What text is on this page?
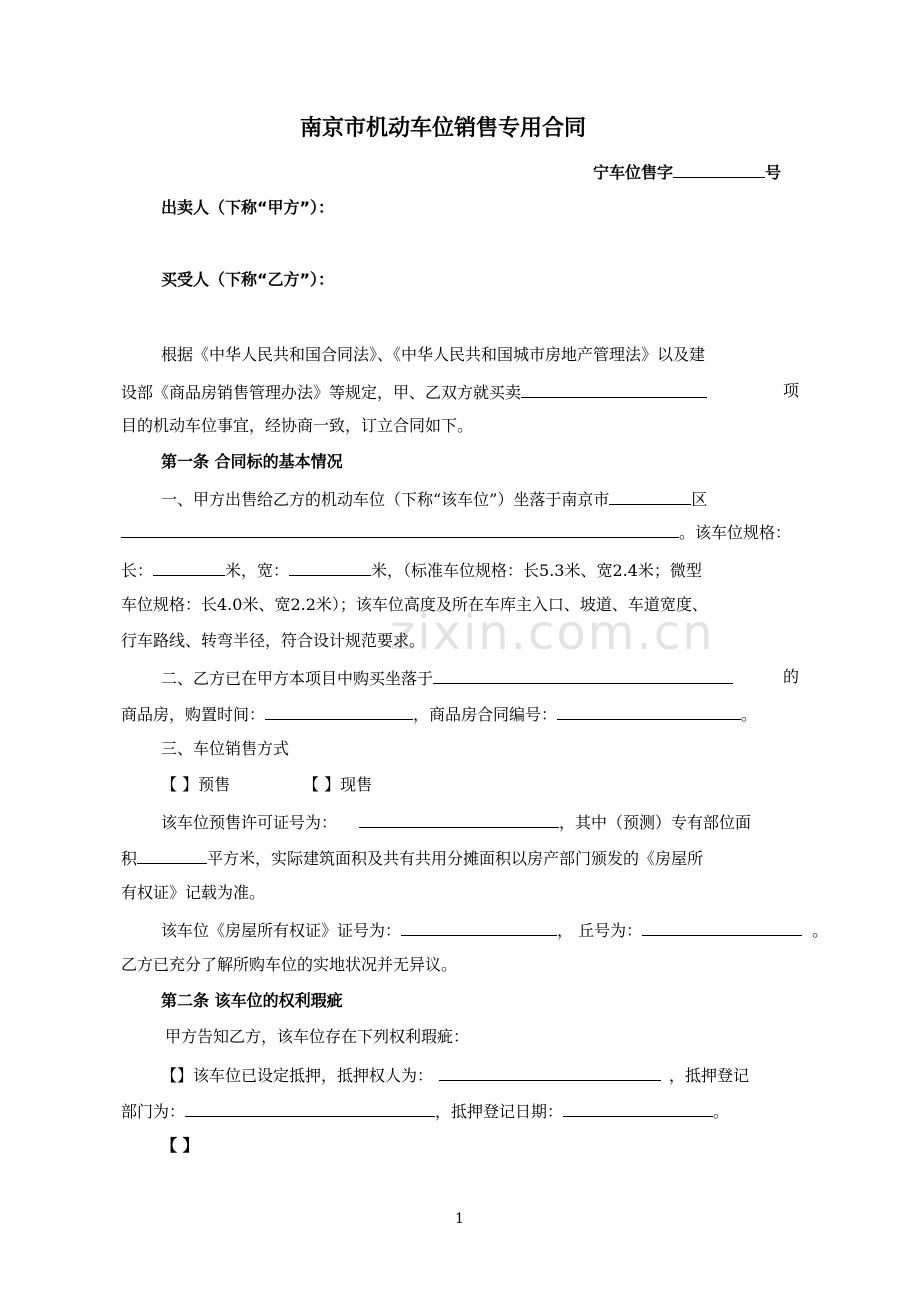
zixin.com.cn
南京市机动车位销售专用合同
宁车位售字	号
出卖人（下称“甲方”）：
买受人（下称“乙方”）：
根据《中华人民共和国合同法》、《中华人民共和国城市房地产管理法》以及建
设部《商品房销售管理办法》等规定，甲、乙双方就买卖	项
目的机动车位事宜，经协商一致，订立合同如下。
第一条 合同标的基本情况
一、甲方出售给乙方的机动车位（下称“该车位”）坐落于南京市	区
。该车位规格：
长：	米，宽：	米，（标准车位规格：长5.3米、宽2.4米；微型
车位规格：长4.0米、宽2.2米）；该车位高度及所在车库主入口、坡道、车道宽度、
行车路线、转弯半径，符合设计规范要求。
二、乙方已在甲方本项目中购买坐落于	的
商品房，购置时间：	，商品房合同编号：	。
三、车位销售方式
【 】预售	【 】现售
该车位预售许可证号为：	，其中（预测）专有部位面
积	平方米，实际建筑面积及共有共用分摊面积以房产部门颁发的《房屋所
有权证》记载为准。
该车位《房屋所有权证》证号为：	， 丘号为：	。
乙方已充分了解所购车位的实地状况并无异议。
第二条 该车位的权利瑕疵
甲方告知乙方，该车位存在下列权利瑕疵：
【】该车位已设定抵押，抵押权人为：	，抵押登记
部门为：	，抵押登记日期：	。
【 】
1
